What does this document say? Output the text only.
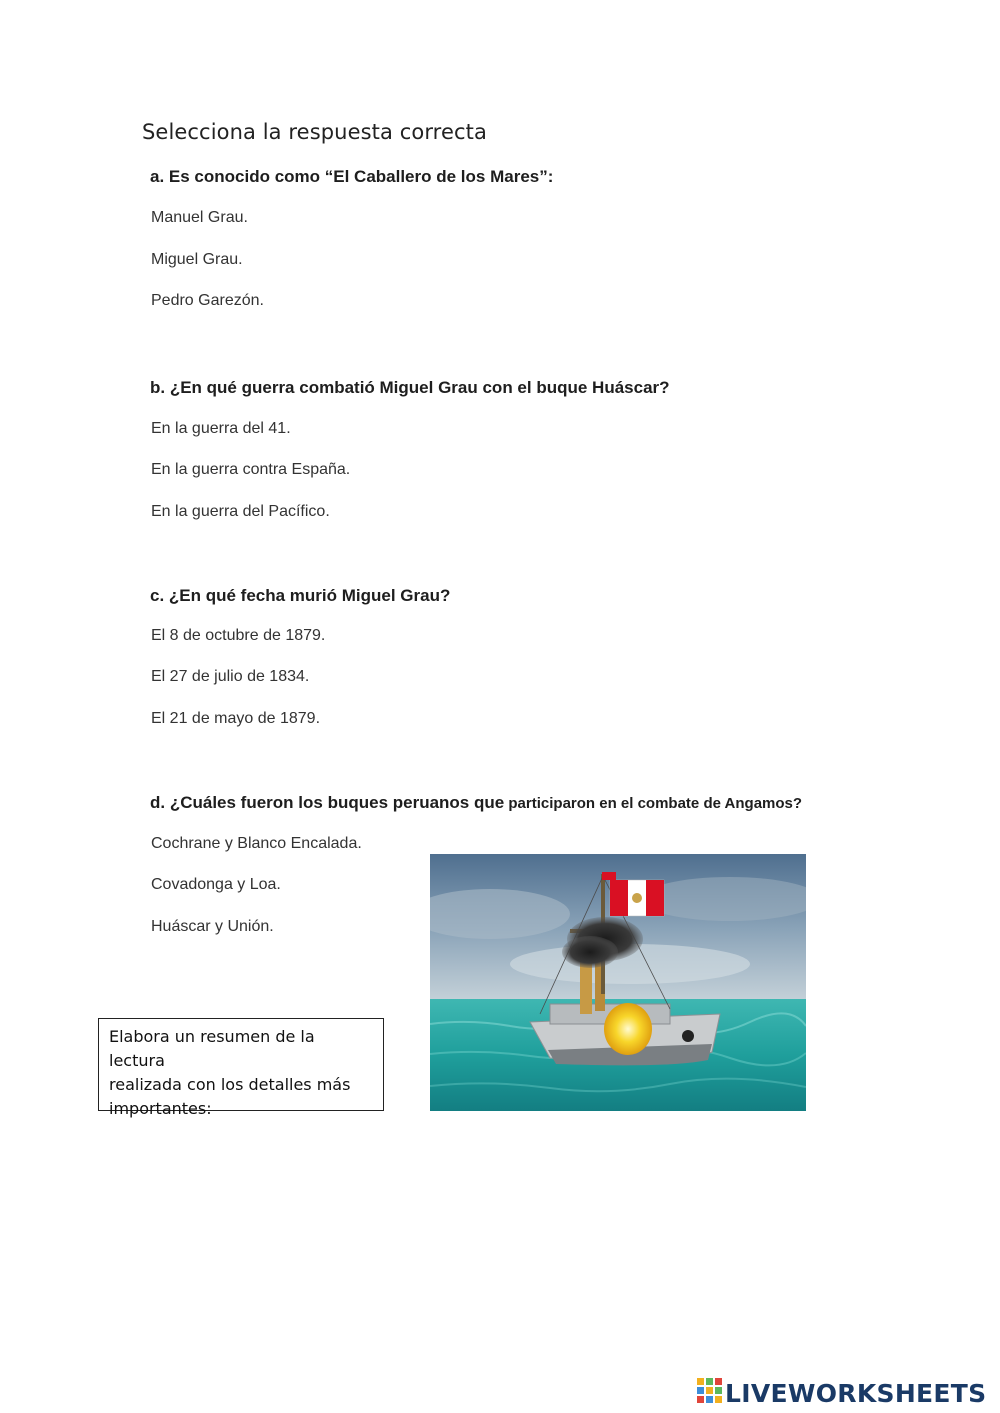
Selecciona la respuesta correcta
a. Es conocido como “El Caballero de los Mares”:
Manuel Grau.
Miguel Grau.
Pedro Garezón.
b. ¿En qué guerra combatió Miguel Grau con el buque Huáscar?
En la guerra del 41.
En la guerra contra España.
En la guerra del Pacífico.
c. ¿En qué fecha murió Miguel Grau?
El 8 de octubre de 1879.
El 27 de julio de 1834.
El 21 de mayo de 1879.
d. ¿Cuáles fueron los buques peruanos que participaron en el combate de Angamos?
Cochrane y Blanco Encalada.
Covadonga y Loa.
Huáscar y Unión.
Elabora un resumen de la lectura
realizada con los detalles más
importantes:
LIVEWORKSHEETS
